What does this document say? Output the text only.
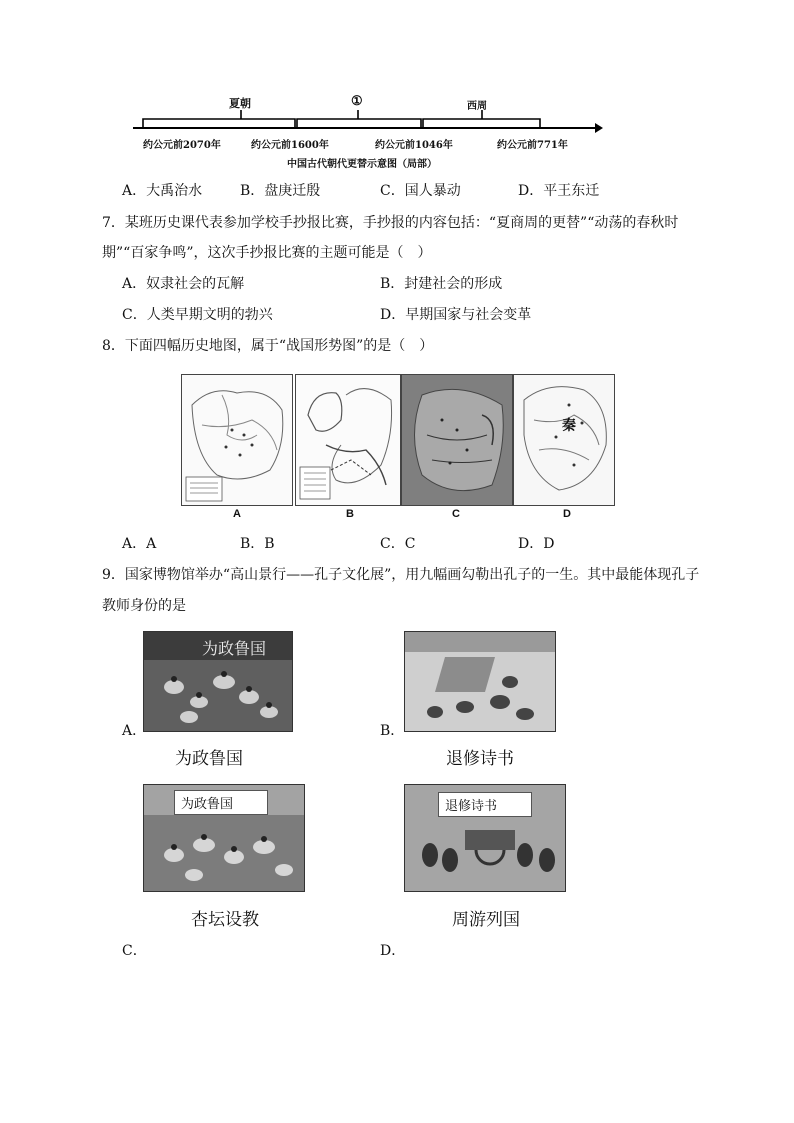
夏朝	①	西周
约公元前2070年	约公元前1600年	约公元前1046年	约公元前771年
中国古代朝代更替示意图（局部）
A．大禹治水	B．盘庚迁殷	C．国人暴动	D．平王东迁
7．某班历史课代表参加学校手抄报比赛，手抄报的内容包括：“夏商周的更替”“动荡的春秋时
期”“百家争鸣”，这次手抄报比赛的主题可能是（　）
A．奴隶社会的瓦解	B．封建社会的形成
C．人类早期文明的勃兴	D．早期国家与社会变革
8．下面四幅历史地图，属于“战国形势图”的是（　）
秦
A	B	C	D
A．A	B．B	C．C	D．D
9．国家博物馆举办“高山景行——孔子文化展”，用九幅画勾勒出孔子的一生。其中最能体现孔子
教师身份的是
为政鲁国
为政鲁国
A．
退修诗书
B．
为政鲁国
杏坛设教
C．
退修诗书
周游列国
D．
